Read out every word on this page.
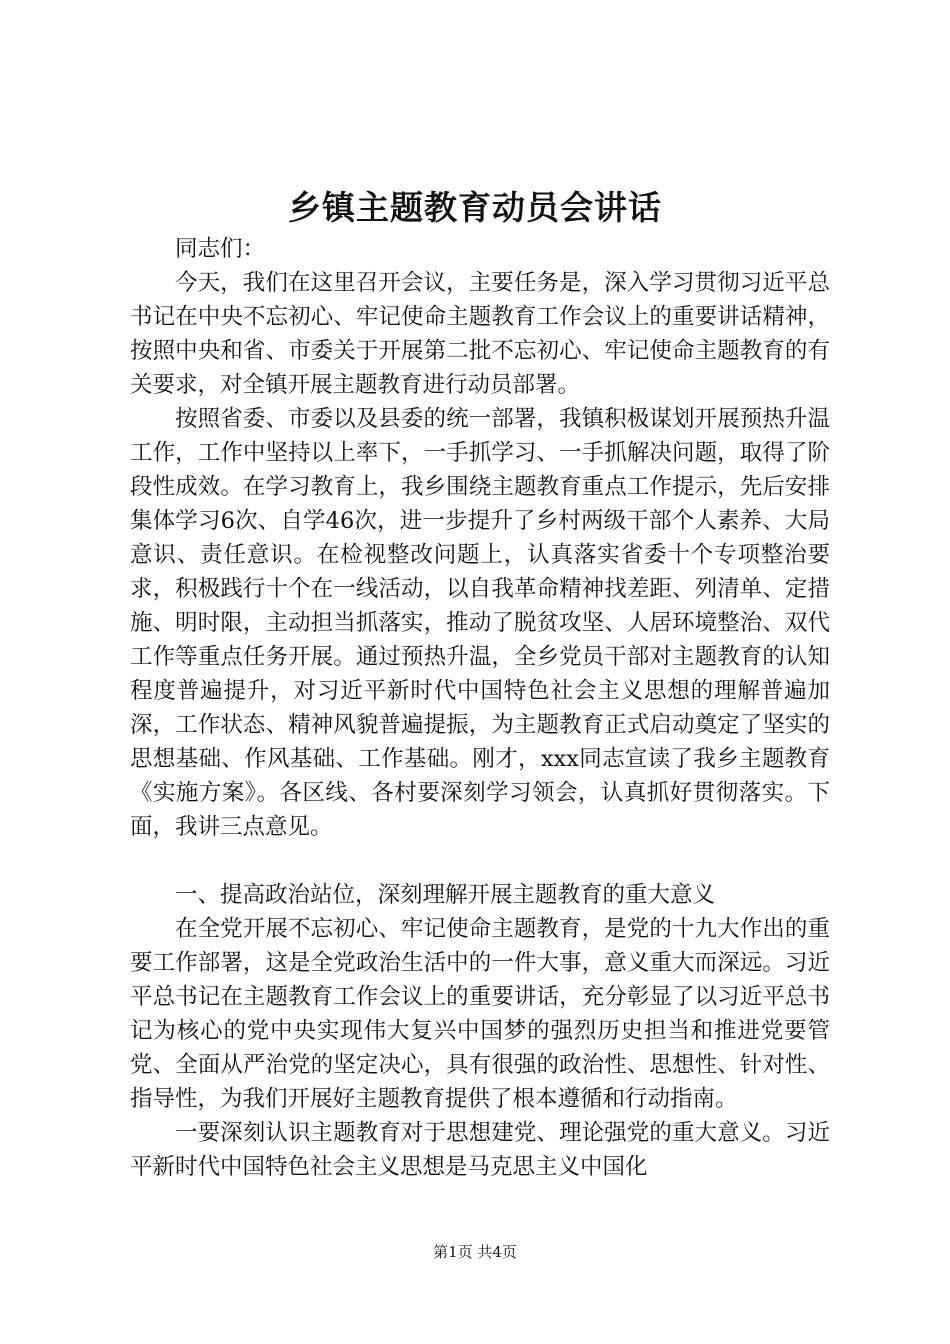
乡镇主题教育动员会讲话

同志们：

今天，我们在这里召开会议，主要任务是，深入学习贯彻习近平总书记在中央不忘初心、牢记使命主题教育工作会议上的重要讲话精神，按照中央和省、市委关于开展第二批不忘初心、牢记使命主题教育的有关要求，对全镇开展主题教育进行动员部署。

按照省委、市委以及县委的统一部署，我镇积极谋划开展预热升温工作，工作中坚持以上率下，一手抓学习、一手抓解决问题，取得了阶段性成效。在学习教育上，我乡围绕主题教育重点工作提示，先后安排集体学习6次、自学46次，进一步提升了乡村两级干部个人素养、大局意识、责任意识。在检视整改问题上，认真落实省委十个专项整治要求，积极践行十个在一线活动，以自我革命精神找差距、列清单、定措施、明时限，主动担当抓落实，推动了脱贫攻坚、人居环境整治、双代工作等重点任务开展。通过预热升温，全乡党员干部对主题教育的认知程度普遍提升，对习近平新时代中国特色社会主义思想的理解普遍加深，工作状态、精神风貌普遍提振，为主题教育正式启动奠定了坚实的思想基础、作风基础、工作基础。刚才，xxx同志宣读了我乡主题教育《实施方案》。各区线、各村要深刻学习领会，认真抓好贯彻落实。下面，我讲三点意见。

一、提高政治站位，深刻理解开展主题教育的重大意义

在全党开展不忘初心、牢记使命主题教育，是党的十九大作出的重要工作部署，这是全党政治生活中的一件大事，意义重大而深远。习近平总书记在主题教育工作会议上的重要讲话，充分彰显了以习近平总书记为核心的党中央实现伟大复兴中国梦的强烈历史担当和推进党要管党、全面从严治党的坚定决心，具有很强的政治性、思想性、针对性、指导性，为我们开展好主题教育提供了根本遵循和行动指南。

一要深刻认识主题教育对于思想建党、理论强党的重大意义。习近平新时代中国特色社会主义思想是马克思主义中国化

第1页 共4页
